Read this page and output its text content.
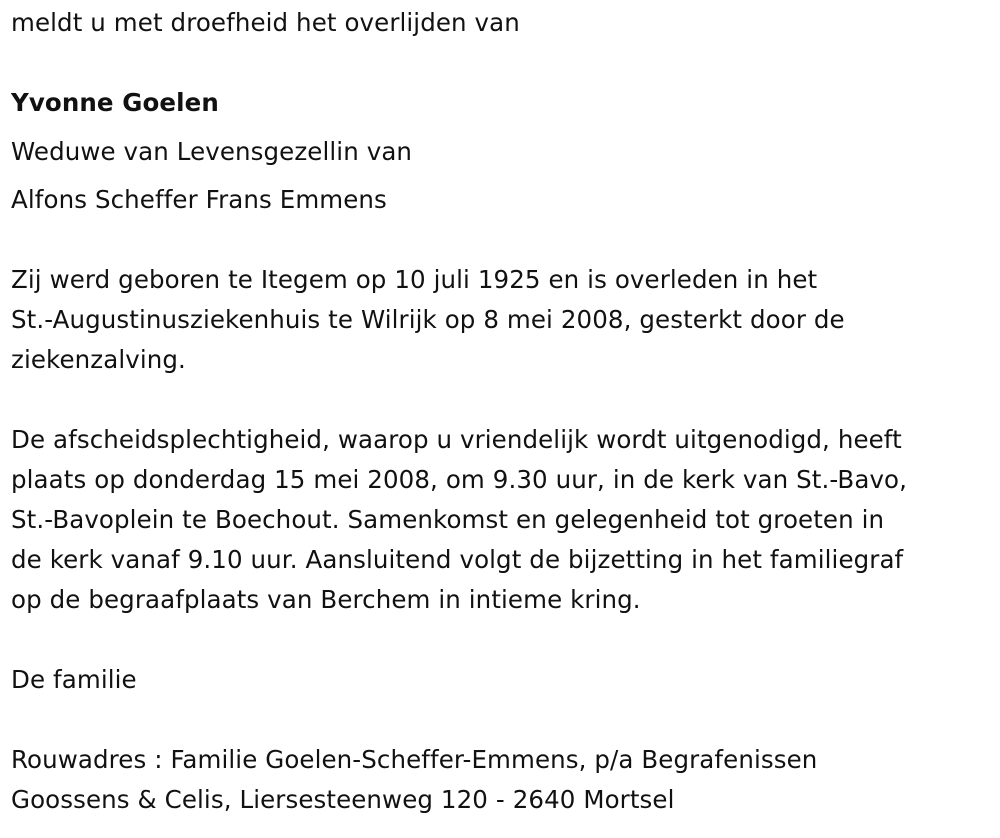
meldt u met droefheid het overlijden van
Yvonne Goelen
Weduwe van Levensgezellin van
Alfons Scheffer Frans Emmens
Zij werd geboren te Itegem op 10 juli 1925 en is overleden in het
St.-Augustinusziekenhuis te Wilrijk op 8 mei 2008, gesterkt door de
ziekenzalving.
De afscheidsplechtigheid, waarop u vriendelijk wordt uitgenodigd, heeft
plaats op donderdag 15 mei 2008, om 9.30 uur, in de kerk van St.-Bavo,
St.-Bavoplein te Boechout. Samenkomst en gelegenheid tot groeten in
de kerk vanaf 9.10 uur. Aansluitend volgt de bijzetting in het familiegraf
op de begraafplaats van Berchem in intieme kring.
De familie
Rouwadres : Familie Goelen-Scheffer-Emmens, p/a Begrafenissen
Goossens & Celis, Liersesteenweg 120 - 2640 Mortsel
